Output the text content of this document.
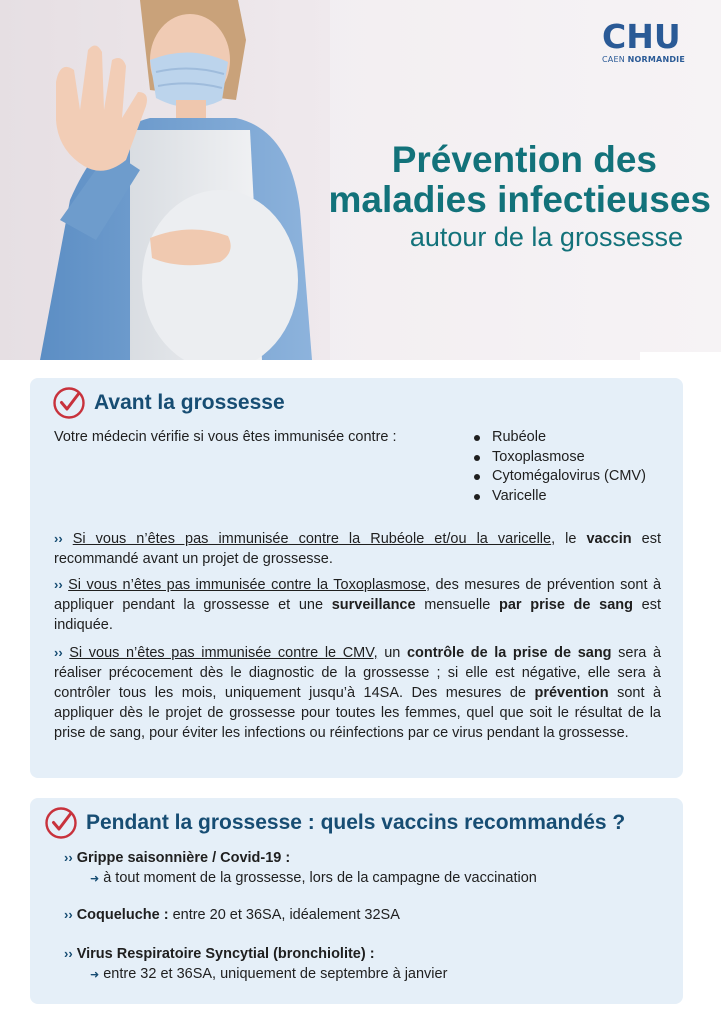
CHU
CAEN NORMANDIE
Prévention des
maladies infectieuses
autour de la grossesse
Avant la grossesse

Votre médecin vérifie si vous êtes immunisée contre :	Rubéole
Toxoplasmose
Cytomégalovirus (CMV)
Varicelle

›› Si vous n’êtes pas immunisée contre la Rubéole et/ou la varicelle, le vaccin est recommandé avant un projet de grossesse.

›› Si vous n’êtes pas immunisée contre la Toxoplasmose, des mesures de prévention sont à appliquer pendant la grossesse et une surveillance mensuelle par prise de sang est indiquée.

›› Si vous n’êtes pas immunisée contre le CMV, un contrôle de la prise de sang sera à réaliser précocement dès le diagnostic de la grossesse ; si elle est négative, elle sera à contrôler tous les mois, uniquement jusqu’à 14SA. Des mesures de prévention sont à appliquer dès le projet de grossesse pour toutes les femmes, quel que soit le résultat de la prise de sang, pour éviter les infections ou réinfections par ce virus pendant la grossesse.

Pendant la grossesse : quels vaccins recommandés ?
›› Grippe saisonnière / Covid-19 :
➜ à tout moment de la grossesse, lors de la campagne de vaccination
›› Coqueluche : entre 20 et 36SA, idéalement 32SA
›› Virus Respiratoire Syncytial (bronchiolite) :
➜ entre 32 et 36SA, uniquement de septembre à janvier
